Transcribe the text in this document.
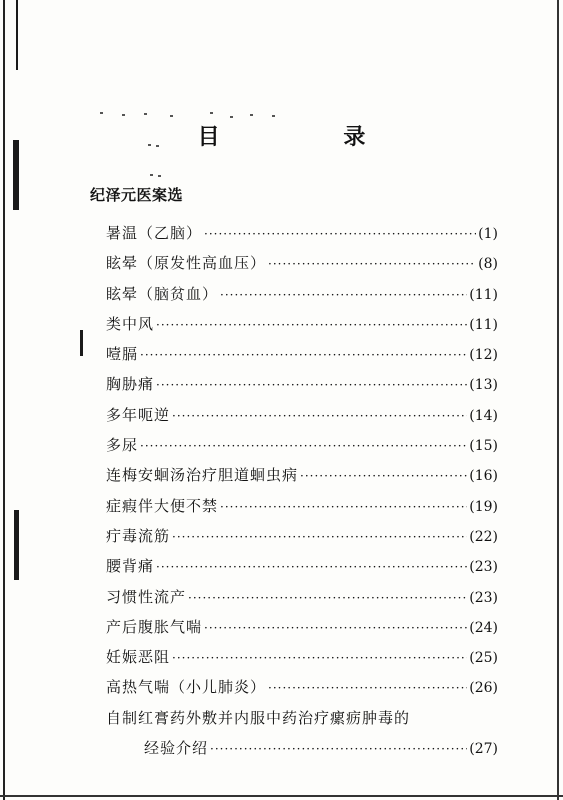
目 录
纪泽元医案选
暑温（乙脑） ·····	(1)
眩晕（原发性高血压） ·····	(8)
眩晕（脑贫血） ·····	(11)
类中风 ·····	(11)
噎膈 ·····	(12)
胸胁痛 ·····	(13)
多年呃逆 ·····	(14)
多尿 ·····	(15)
连梅安蛔汤治疗胆道蛔虫病 ·····	(16)
症瘕伴大便不禁 ·····	(19)
疔毒流筋 ·····	(22)
腰背痛 ·····	(23)
习惯性流产 ·····	(23)
产后腹胀气喘 ·····	(24)
妊娠恶阻 ·····	(25)
高热气喘（小儿肺炎） ·····	(26)
自制红膏药外敷并内服中药治疗瘰疬肿毒的
经验介绍 ·····	(27)
